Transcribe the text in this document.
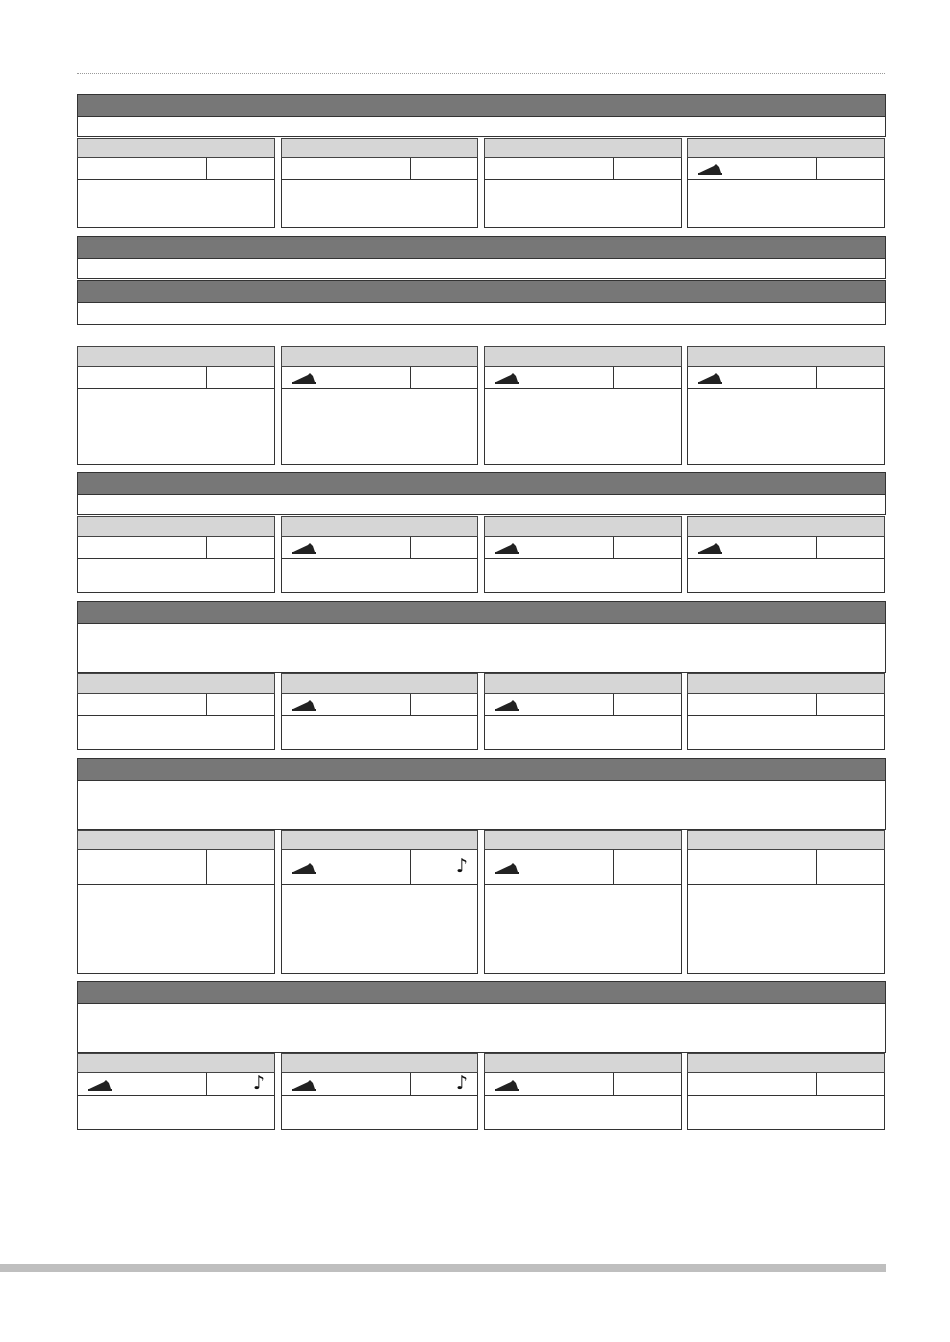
♪
♪	♪
